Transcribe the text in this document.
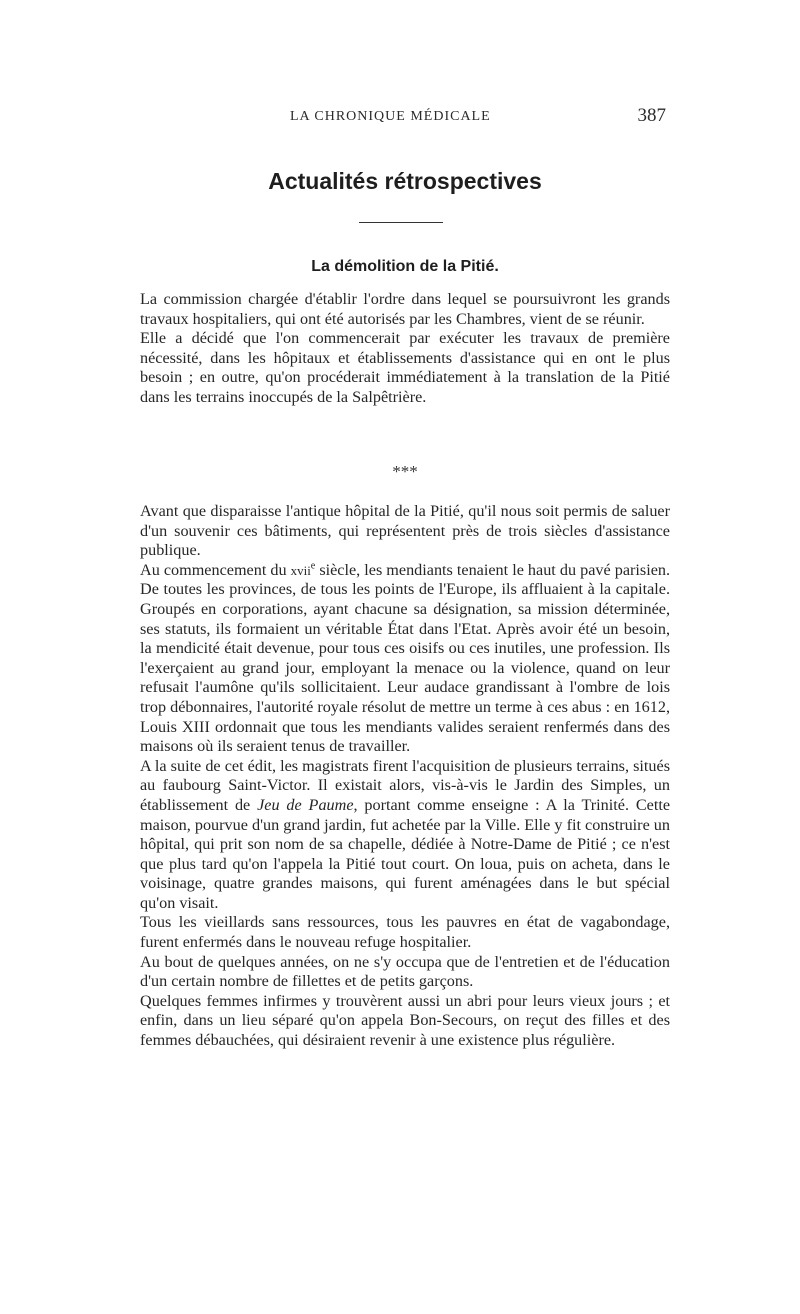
LA CHRONIQUE MÉDICALE	387
Actualités rétrospectives
La démolition de la Pitié.

La commission chargée d'établir l'ordre dans lequel se poursuivront les grands travaux hospitaliers, qui ont été autorisés par les Chambres, vient de se réunir.

Elle a décidé que l'on commencerait par exécuter les travaux de première nécessité, dans les hôpitaux et établissements d'assistance qui en ont le plus besoin ; en outre, qu'on procéderait immédiatement à la translation de la Pitié dans les terrains inoccupés de la Salpêtrière.

***

Avant que disparaisse l'antique hôpital de la Pitié, qu'il nous soit permis de saluer d'un souvenir ces bâtiments, qui représentent près de trois siècles d'assistance publique.

Au commencement du xvii$^e$ siècle, les mendiants tenaient le haut du pavé parisien. De toutes les provinces, de tous les points de l'Europe, ils affluaient à la capitale. Groupés en corporations, ayant chacune sa désignation, sa mission déterminée, ses statuts, ils formaient un véritable État dans l'Etat. Après avoir été un besoin, la mendicité était devenue, pour tous ces oisifs ou ces inutiles, une profession. Ils l'exerçaient au grand jour, employant la menace ou la violence, quand on leur refusait l'aumône qu'ils sollicitaient. Leur audace grandissant à l'ombre de lois trop débonnaires, l'autorité royale résolut de mettre un terme à ces abus : en 1612, Louis XIII ordonnait que tous les mendiants valides seraient renfermés dans des maisons où ils seraient tenus de travailler.

A la suite de cet édit, les magistrats firent l'acquisition de plusieurs terrains, situés au faubourg Saint-Victor. Il existait alors, vis-à-vis le Jardin des Simples, un établissement de Jeu de Paume, portant comme enseigne : A la Trinité. Cette maison, pourvue d'un grand jardin, fut achetée par la Ville. Elle y fit construire un hôpital, qui prit son nom de sa chapelle, dédiée à Notre-Dame de Pitié ; ce n'est que plus tard qu'on l'appela la Pitié tout court. On loua, puis on acheta, dans le voisinage, quatre grandes maisons, qui furent aménagées dans le but spécial qu'on visait.

Tous les vieillards sans ressources, tous les pauvres en état de vagabondage, furent enfermés dans le nouveau refuge hospitalier.

Au bout de quelques années, on ne s'y occupa que de l'entretien et de l'éducation d'un certain nombre de fillettes et de petits garçons.

Quelques femmes infirmes y trouvèrent aussi un abri pour leurs vieux jours ; et enfin, dans un lieu séparé qu'on appela Bon-Secours, on reçut des filles et des femmes débauchées, qui désiraient revenir à une existence plus régulière.
